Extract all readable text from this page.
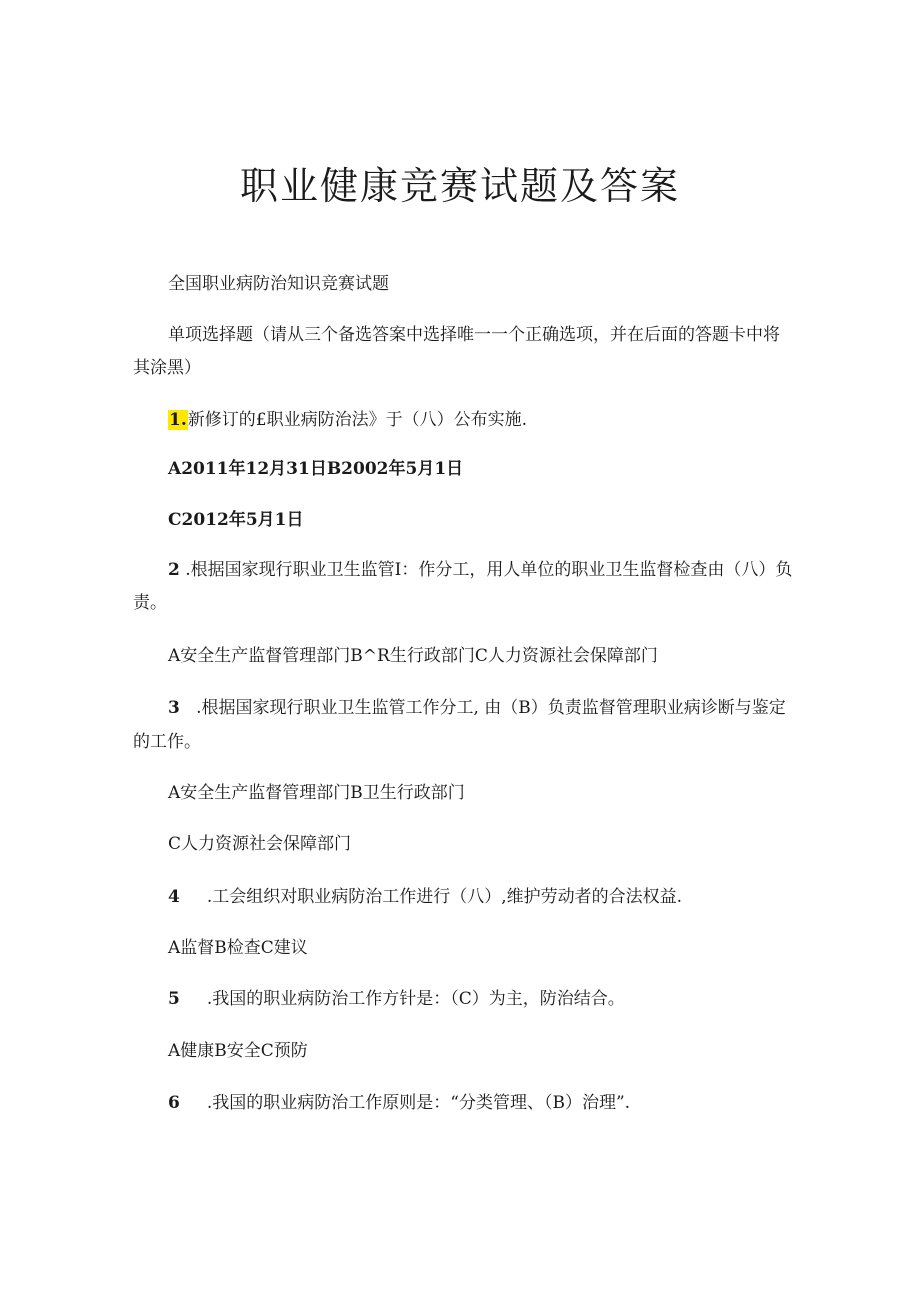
职业健康竞赛试题及答案
全国职业病防治知识竞赛试题
单项选择题（请从三个备选答案中选择唯一一个正确选项，并在后面的答题卡中将
其涂黑）
1.新修订的£职业病防治法》于（八）公布实施.
A2011年12月31日B2002年5月1日
C2012年5月1日
2 .根据国家现行职业卫生监管I：作分工，用人单位的职业卫生监督检查由（八）负
责。
A安全生产监督管理部门B^R生行政部门C人力资源社会保障部门
3 .根据国家现行职业卫生监管工作分工, 由（B）负责监督管理职业病诊断与鉴定
的工作。
A安全生产监督管理部门B卫生行政部门
C人力资源社会保障部门
4 .工会组织对职业病防治工作进行（八）,维护劳动者的合法权益.
A监督B检查C建议
5 .我国的职业病防治工作方针是：（C）为主，防治结合。
A健康B安全C预防
6 .我国的职业病防治工作原则是：“分类管理、（B）治理”.
